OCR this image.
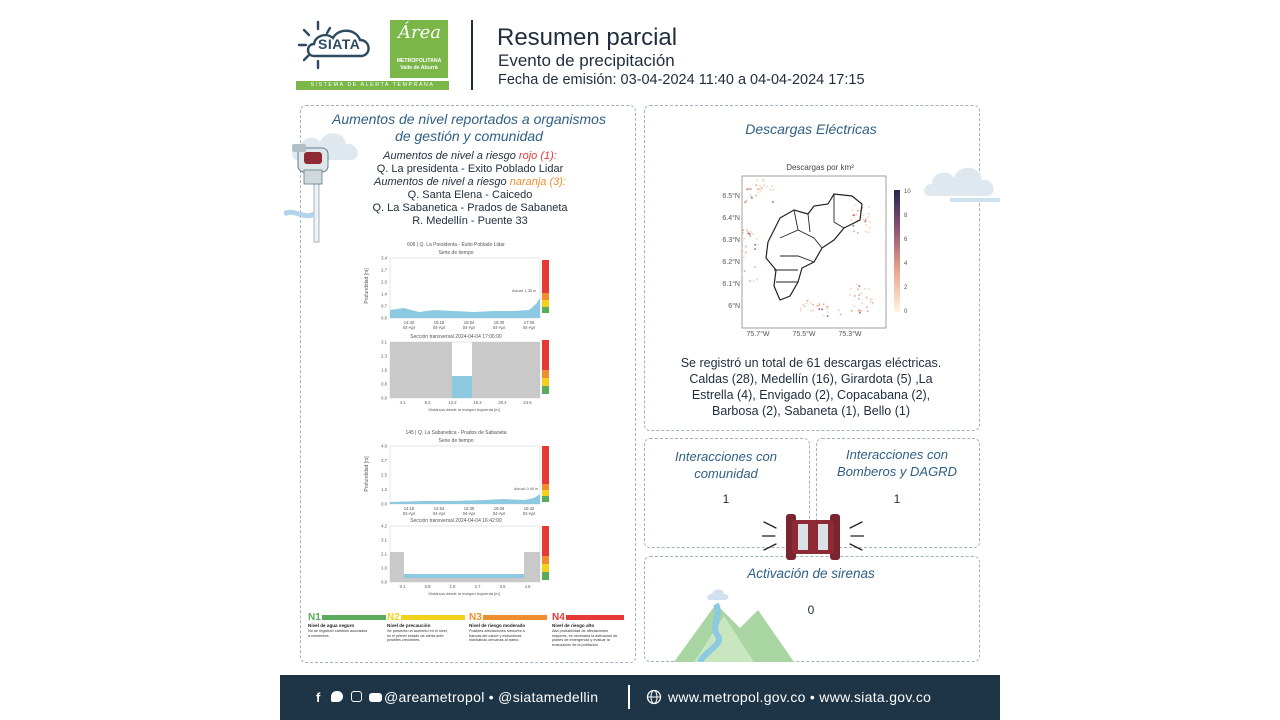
SIATA
Área
METROPOLITANA
Valle de Aburrá
SISTEMA DE ALERTA TEMPRANA
Resumen parcial
Evento de precipitación
Fecha de emisión: 03-04-2024 11:40 a 04-04-2024 17:15
Aumentos de nivel reportados a organismos
de gestión y comunidad
Aumentos de nivel a riesgo rojo (1):
Q. La presidenta - Exito Poblado Lidar
Aumentos de nivel a riesgo naranja (3):
Q. Santa Elena - Caicedo
Q. La Sabanetica - Prados de Sabaneta
R. Medellín - Puente 33
606 | Q. La Presidenta - Exito Poblado Lidar
Serie de tiempo
Profundidad [m]
3.4
2.7
2.0
1.4
0.7
0.0
Actual: 1.35 m
14:42 04-Apr
15:18 04-Apr
15:54 04-Apr
16:30 04-Apr
17:06 04-Apr
Sección transversal 2024-04-04 17:06:00
3.1
2.3
1.6
0.8
0.0
4.1	8.2	12.2	16.3	20.4	24.5
Distancia desde la margen izquierda [m]
145 | Q. La Sabanetica - Prados de Sabaneta
Serie de tiempo
Profundidad [m]
4.9
3.7
2.5
1.2
0.0
Actual: 0.40 m
14:18 04-Apr
14:54 04-Apr
15:30 04-Apr
16:06 04-Apr
16:42 04-Apr
Sección transversal 2024-04-04 16:42:00
4.2
3.1
2.1
1.0
0.0
0.1	0.8	1.8	2.7	3.6	4.5
Distancia desde la margen izquierda [m]
N1
Nivel de agua seguro
No se registran cambios asociados a crecientes.
N2
Nivel de precaución
Se presenta un aumento en el nivel, es el primer estado de alerta ante posibles crecientes.
N3
Nivel de riesgo moderado
Posibles afectaciones menores a bancas del cauce y estructuras hidráulicas cercanas al tramo.
N4
Nivel de riesgo alto
Alta probabilidad de afectaciones mayores, es necesaria la activación de planes de emergencia y evaluar la evacuación de la población.
Descargas Eléctricas
Descargas por km²
6.5°N
6.4°N
6.3°N
6.2°N
6.1°N
6°N
75.7°W	75.5°W	75.3°W
10
8
6
4
2
0
Se registró un total de 61 descargas eléctricas.
Caldas (28), Medellín (16), Girardota (5) ,La
Estrella (4), Envigado (2), Copacabana (2),
Barbosa (2), Sabaneta (1), Bello (1)
Interacciones con
comunidad
1
Interacciones con
Bomberos y DAGRD
1
Activación de sirenas
0
f	@areametropol • @siatamedellin	www.metropol.gov.co • www.siata.gov.co
